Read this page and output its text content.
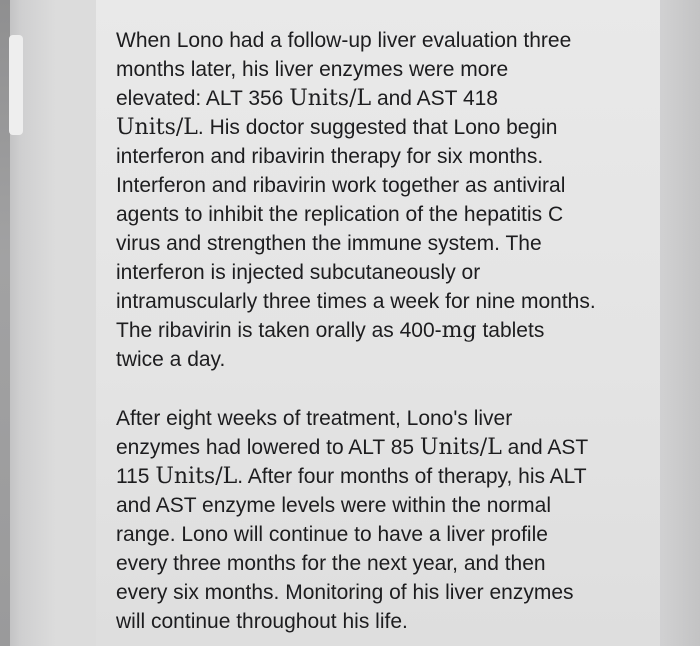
When Lono had a follow-up liver evaluation three
months later, his liver enzymes were more
elevated: ALT 356 Units/L and AST 418
Units/L. His doctor suggested that Lono begin
interferon and ribavirin therapy for six months.
Interferon and ribavirin work together as antiviral
agents to inhibit the replication of the hepatitis C
virus and strengthen the immune system. The
interferon is injected subcutaneously or
intramuscularly three times a week for nine months.
The ribavirin is taken orally as 400-mg tablets
twice a day.
After eight weeks of treatment, Lono's liver
enzymes had lowered to ALT 85 Units/L and AST
115 Units/L. After four months of therapy, his ALT
and AST enzyme levels were within the normal
range. Lono will continue to have a liver profile
every three months for the next year, and then
every six months. Monitoring of his liver enzymes
will continue throughout his life.
